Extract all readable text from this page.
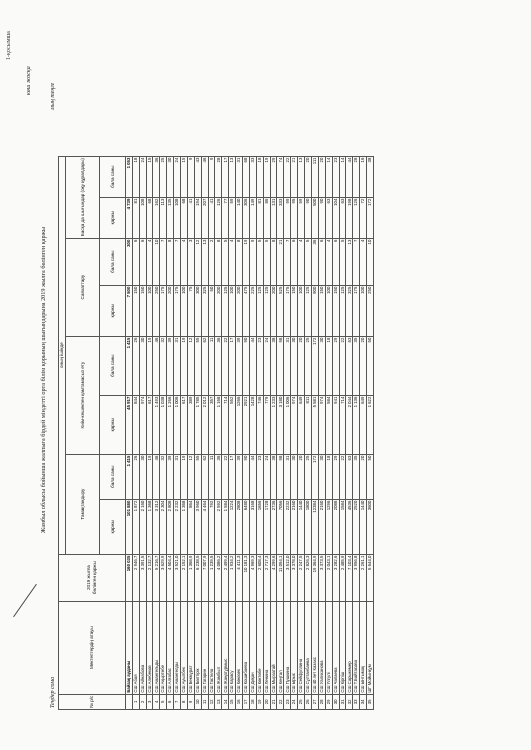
1-қосымша
көш жосқа
Жамбыл облысы бойынша жалпыға бірдей міндетті орта білім қорының шығындарына 2019 жылға бөлінген қаржы
Теңдер сома
мың теңге
№ р/с	Мектептердің атауы	2019 жылға бөлінген қаржы	оның ішінде							
			Тамақтандыру		Киім-кешекпен қамтамасыз ету		Саяхаттару		Басқа да шығындар (оқу құралдары)	
			қаржы	бала саны	қаржы	бала саны	қаржы	бала саны	қаржы	бала саны
	Байзақ ауданы	160 035	101 880	1 415	45 917	1 415	7 500	300	4 739	1 053
1	СШ Абая	2 946,7	1 872	26	844	26	150	6	81	18
2	СШ Айнабова	3 391,5	2 160	30	974	30	150	6	108	24
3	СШ Алебеков	2 132,7	1 368	19	617	19	100	4	68	15
4	СШ Амангельды	5 216,7	3 312	46	1 493	46	250	10	162	36
5	СШ Ақыртөбе	3 629,9	2 304	32	1 038	32	175	7	113	25
6	СШ Алғабас	4 504,4	2 808	39	1 266	39	200	8	135	30
7	СШ Амангелды	3 521,0	2 232	31	1 006	31	175	7	108	24
8	СШ Ауылбек	2 152,1	1 368	19	617	19	100	4	68	15
9	СШ Бекмұрат	1 368,9	864	12	389	12	75	3	41	9
10	СШ Бөлтірік	6 238,5	3 960	55	1 785	55	300	12	194	43
11	СШ Гагарин	7 007,9	4 464	62	2 012	62	325	13	207	46
12	СШ Гастело	1 239,5	792	11	357	11	50	2	41	9
13	СШ Жамбыл	4 086,2	2 592	36	1 168	36	200	8	126	28
14	СШ Жаңатұрмыс	2 499,4	1 584	22	714	22	125	5	77	17
15	СШ Карасу	1 934,2	1224	17	552	17	100	4	59	13
16	СШ Көкөзек	4 411,3	2808	39	1266	39	200	8	140	31
17	СШ Кошибаева	10 181,3	6480	90	2921	90	475	19	306	68
18	СШ Диқан	4 969,3	3168	44	1428	44	225	9	149	33
19	СШ Көктөбе	2 608,4	1656	23	746	23	125	5	81	18
20	СШ Ленина	2 717,3	1728	24	779	24	125	5	86	19
21	СШ Мырзатай	4 299,6	2736	38	1 233	38	200	8	131	29
22	СШ Кеңтал	11 094,1	7056	98	3 180	98	525	21	333	74
23	СШ Пушкина	3 512,0	2232	31	1 006	31	175	7	99	22
24	СШ Ырыс	3 378,0	2160	30	974	30	150	6	95	21
25	СШ Сейфуллина	2 247,5	1440	20	649	20	100	4	59	13
26	СШ Сұлтанбаева	2 826,3	1800	25	811	25	125	5	90	20
27	СШ 40 лет Казахс	19 364,9	12384	172	5 581	172	900	36	500	111
28	СШ Уалиханова	3 373,5	2160	30	974	30	150	6	90	20
29	СШ Үлгулі	2 043,1	1296	18	584	18	100	4	63	14
30	СШ Чапаева	3 282,6	2088	29	941	29	150	6	104	23
31	СШ Кірпіш	2 485,9	1584	22	714	22	125	5	63	14
32	СШ Сарыкемер	7 103,4	4536	63	2 044	63	325	13	198	44
33	СШ Т.Байтасова	3 956,8	2520	35	1 136	35	175	7	126	28
34	СШ Ынтымақ	2 261,1	1440	20	649	20	100	4	72	16
35	ШГ Мойынқұм	5 644,0	3600	50	1 622	50	250	10	172	38
